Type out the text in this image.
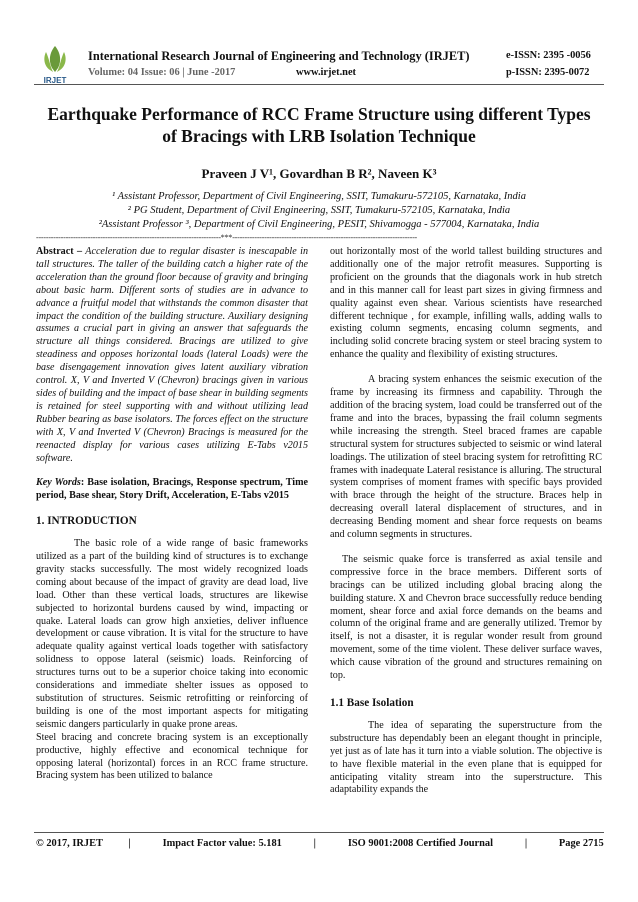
IRJET
International Research Journal of Engineering and Technology (IRJET)	e-ISSN: 2395 -0056
Volume: 04 Issue: 06 | June -2017	www.irjet.net	p-ISSN: 2395-0072
Earthquake Performance of RCC Frame Structure using different Types
of Bracings with LRB Isolation Technique
Praveen J V¹, Govardhan B R², Naveen K³
¹ Assistant Professor, Department of Civil Engineering, SSIT, Tumakuru-572105, Karnataka, India
² PG Student, Department of Civil Engineering, SSIT, Tumakuru-572105, Karnataka, India
²Assistant Professor ³, Department of Civil Engineering, PESIT, Shivamogga - 577004, Karnataka, India
---------------------------------------------------------------------------***---------------------------------------------------------------------------

Abstract – Acceleration due to regular disaster is inescapable in tall structures. The taller of the building catch a higher rate of the acceleration than the ground floor because of gravity and bringing about basic harm. Different sorts of studies are in advance to advance a fruitful model that withstands the common disaster that impact the condition of the building structure. Auxiliary designing assumes a crucial part in giving an answer that safeguards the structure all things considered. Bracings are utilized to give steadiness and opposes horizontal loads (lateral Loads) were the base disengagement innovation gives latent auxiliary vibration control. X, V and Inverted V (Chevron) bracings given in various sides of building and the impact of base shear in building segments is retained for steel supporting with and without utilizing lead Rubber bearing as base isolators. The forces effect on the structure with X, V and Inverted V (Chevron) Bracings is measured for the reenacted display for various cases utilizing E-Tabs v2015 software.

Key Words: Base isolation, Bracings, Response spectrum, Time period, Base shear, Story Drift, Acceleration, E-Tabs v2015

1. INTRODUCTION

The basic role of a wide range of basic frameworks utilized as a part of the building kind of structures is to exchange gravity stacks successfully. The most widely recognized loads coming about because of the impact of gravity are dead load, live load. Other than these vertical loads, structures are likewise subjected to horizontal burdens caused by wind, impacting or quake. Lateral loads can grow high anxieties, deliver influence development or cause vibration. It is vital for the structure to have adequate quality against vertical loads together with satisfactory solidness to oppose lateral (seismic) loads. Reinforcing of structures turns out to be a superior choice taking into economic considerations and immediate shelter issues as opposed to substitution of structures. Seismic retrofitting or reinforcing of building is one of the most important aspects for mitigating seismic dangers particularly in quake prone areas.

Steel bracing and concrete bracing system is an exceptionally productive, highly effective and economical technique for opposing lateral (horizontal) forces in an RCC frame structure. Bracing system has been utilized to balance

out horizontally most of the world tallest building structures and additionally one of the major retrofit measures. Supporting is proficient on the grounds that the diagonals work in hub stretch and in this manner call for least part sizes in giving firmness and quality against even shear. Various scientists have researched different technique , for example, infilling walls, adding walls to existing column segments, encasing column segments, and including solid concrete bracing system or steel bracing system to enhance the quality and flexibility of existing structures.

A bracing system enhances the seismic execution of the frame by increasing its firmness and capability. Through the addition of the bracing system, load could be transferred out of the frame and into the braces, bypassing the frail column segments while increasing the strength. Steel braced frames are capable structural system for structures subjected to seismic or wind lateral loadings. The utilization of steel bracing system for retrofitting RC frames with inadequate Lateral resistance is alluring. The structural system comprises of moment frames with specific bays provided with brace through the height of the structure. Braces help in decreasing overall lateral displacement of structures, and in decreasing Bending moment and shear force requests on beams and column segments in structures.

The seismic quake force is transferred as axial tensile and compressive force in the brace members. Different sorts of bracings can be utilized including global bracing along the building stature. X and Chevron brace successfully reduce bending moment, shear force and axial force demands on the beams and column of the original frame and are generally utilized. Tremor by itself, is not a disaster, it is regular wonder result from ground movement, some of the time violent. These deliver surface waves, which cause vibration of the ground and structures remaining on top.

1.1 Base Isolation

The idea of separating the superstructure from the substructure has dependably been an elegant thought in principle, yet just as of late has it turn into a viable solution. The objective is to have flexible material in the even plane that is equipped for anticipating vitality stream into the superstructure. This adaptability expands the

© 2017, IRJET |	Impact Factor value: 5.181	|	ISO 9001:2008 Certified Journal	|	Page 2715
